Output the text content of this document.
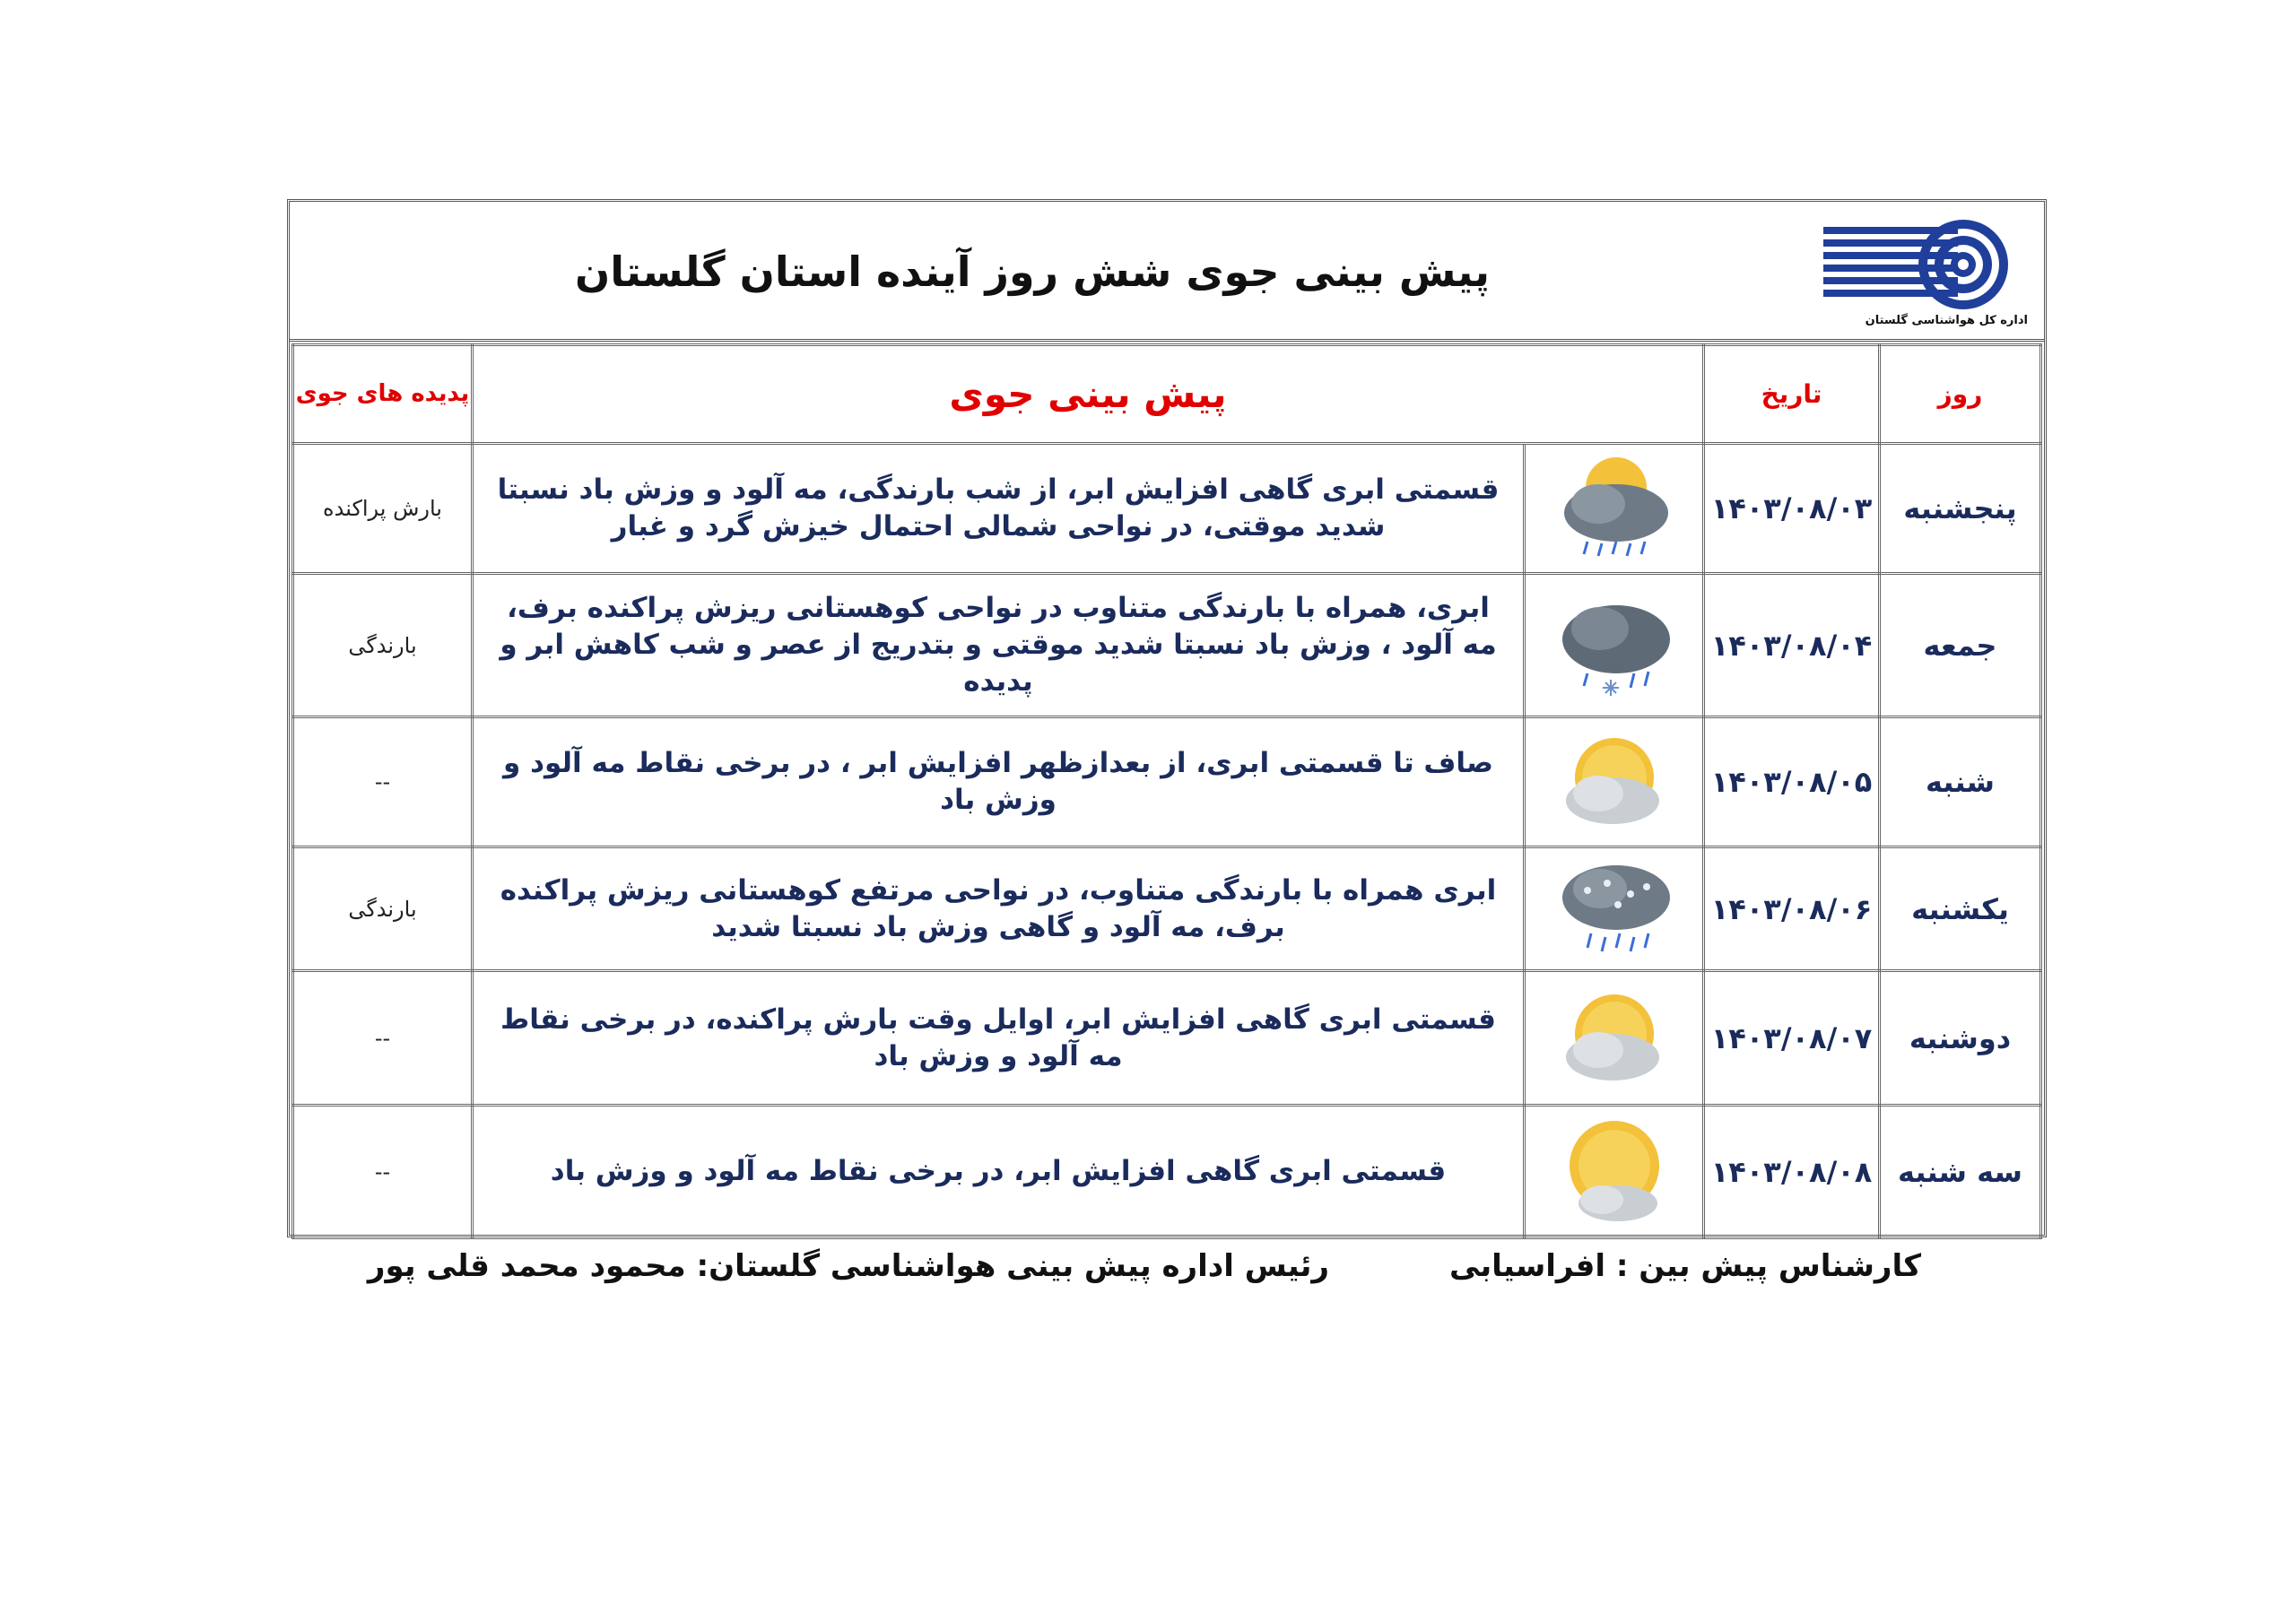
پیش بینی جوی شش روز آینده استان گلستان
اداره کل هواشناسی گلستان
روز	تاریخ	پیش بینی جوی		پدیده های جوی
پنجشنبه	۱۴۰۳/۰۸/۰۳		قسمتی ابری گاهی افزایش ابر، از شب بارندگی، مه آلود و وزش باد نسبتا شدید موقتی، در نواحی شمالی احتمال خیزش گرد و غبار	بارش پراکنده
جمعه	۱۴۰۳/۰۸/۰۴		ابری، همراه با بارندگی متناوب در نواحی کوهستانی ریزش پراکنده برف، مه آلود ، وزش باد نسبتا شدید موقتی و بتدریج از عصر و شب کاهش ابر و پدیده	بارندگی
شنبه	۱۴۰۳/۰۸/۰۵		صاف تا قسمتی ابری، از بعدازظهر افزایش ابر ، در برخی نقاط مه آلود و وزش باد	--
یکشنبه	۱۴۰۳/۰۸/۰۶		ابری همراه با بارندگی متناوب، در نواحی مرتفع کوهستانی ریزش پراکنده برف، مه آلود و گاهی وزش باد نسبتا شدید	بارندگی
دوشنبه	۱۴۰۳/۰۸/۰۷		قسمتی ابری گاهی افزایش ابر، اوایل وقت بارش پراکنده، در برخی نقاط مه آلود و وزش باد	--
سه شنبه	۱۴۰۳/۰۸/۰۸		قسمتی ابری گاهی افزایش ابر، در برخی نقاط مه آلود و وزش باد	--
کارشناس پیش بین : افراسیابی
رئیس اداره پیش بینی هواشناسی گلستان: محمود محمد قلی پور
